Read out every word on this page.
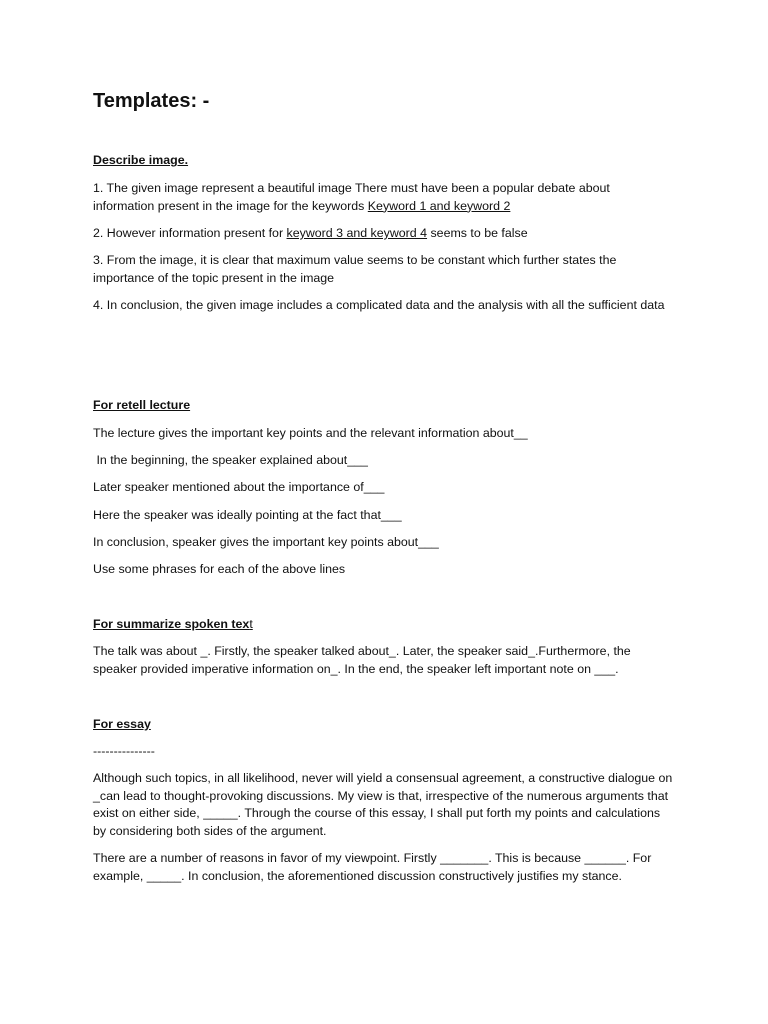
Templates: -
Describe image.

1. The given image represent a beautiful image There must have been a popular debate about information present in the image for the keywords Keyword 1 and keyword 2

2. However information present for keyword 3 and keyword 4 seems to be false

3. From the image, it is clear that maximum value seems to be constant which further states the importance of the topic present in the image

4. In conclusion, the given image includes a complicated data and the analysis with all the sufficient data

For retell lecture

The lecture gives the important key points and the relevant information about__

In the beginning, the speaker explained about___

Later speaker mentioned about the importance of___

Here the speaker was ideally pointing at the fact that___

In conclusion, speaker gives the important key points about___

Use some phrases for each of the above lines

For summarize spoken text

The talk was about _. Firstly, the speaker talked about_. Later, the speaker said_.Furthermore, the speaker provided imperative information on_. In the end, the speaker left important note on ___.

For essay

---------------

Although such topics, in all likelihood, never will yield a consensual agreement, a constructive dialogue on _can lead to thought-provoking discussions. My view is that, irrespective of the numerous arguments that exist on either side, _____. Through the course of this essay, I shall put forth my points and calculations by considering both sides of the argument.

There are a number of reasons in favor of my viewpoint. Firstly _______. This is because ______. For example, _____. In conclusion, the aforementioned discussion constructively justifies my stance.
